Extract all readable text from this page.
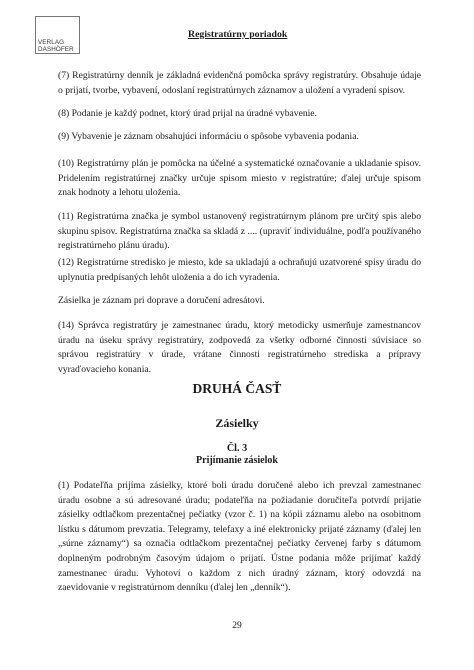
VERLAG
DASHÖFER
Registratúrny poriadok

(7) Registratúrny denník je základná evidenčná pomôcka správy registratúry. Obsahuje údaje o prijatí, tvorbe, vybavení, odoslaní registratúrnych záznamov a uložení a vyradení spisov.

(8) Podanie je každý podnet, ktorý úrad prijal na úradné vybavenie.

(9) Vybavenie je záznam obsahujúci informáciu o spôsobe vybavenia podania.

(10) Registratúrny plán je pomôcka na účelné a systematické označovanie a ukladanie spisov. Pridelením registratúrnej značky určuje spisom miesto v registratúre; ďalej určuje spisom znak hodnoty a lehotu uloženia.

(11) Registratúrna značka je symbol ustanovený registratúrnym plánom pre určitý spis alebo skupinu spisov. Registratúrna značka sa skladá z .... (upraviť individuálne, podľa používaného registratúrneho plánu úradu).

(12) Registratúrne stredisko je miesto, kde sa ukladajú a ochraňujú uzatvorené spisy úradu do uplynutia predpísaných lehôt uloženia a do ich vyradenia.

Zásielka je záznam pri doprave a doručení adresátovi.

(14) Správca registratúry je zamestnanec úradu, ktorý metodicky usmerňuje zamestnancov úradu na úseku správy registratúry, zodpovedá za všetky odborné činnosti súvisiace so správou registratúry v úrade, vrátane činnosti registratúrneho strediska a prípravy vyraďovacieho konania.

DRUHÁ ČASŤ
Zásielky
Čl. 3
Prijímanie zásielok

(1) Podateľňa prijíma zásielky, ktoré boli úradu doručené alebo ich prevzal zamestnanec úradu osobne a sú adresované úradu; podateľňa na požiadanie doručiteľa potvrdí prijatie zásielky odtlačkom prezentačnej pečiatky (vzor č. 1) na kópii záznamu alebo na osobitnom lístku s dátumom prevzatia. Telegramy, telefaxy a iné elektronicky prijaté záznamy (ďalej len „súrne záznamy“) sa označia odtlačkom prezentačnej pečiatky červenej farby s dátumom doplneným podrobným časovým údajom o prijatí. Ústne podania môže prijímať každý zamestnanec úradu. Vyhotoví o každom z nich úradný záznam, ktorý odovzdá na zaevidovanie v registratúrnom denníku (ďalej len „denník“).

29
